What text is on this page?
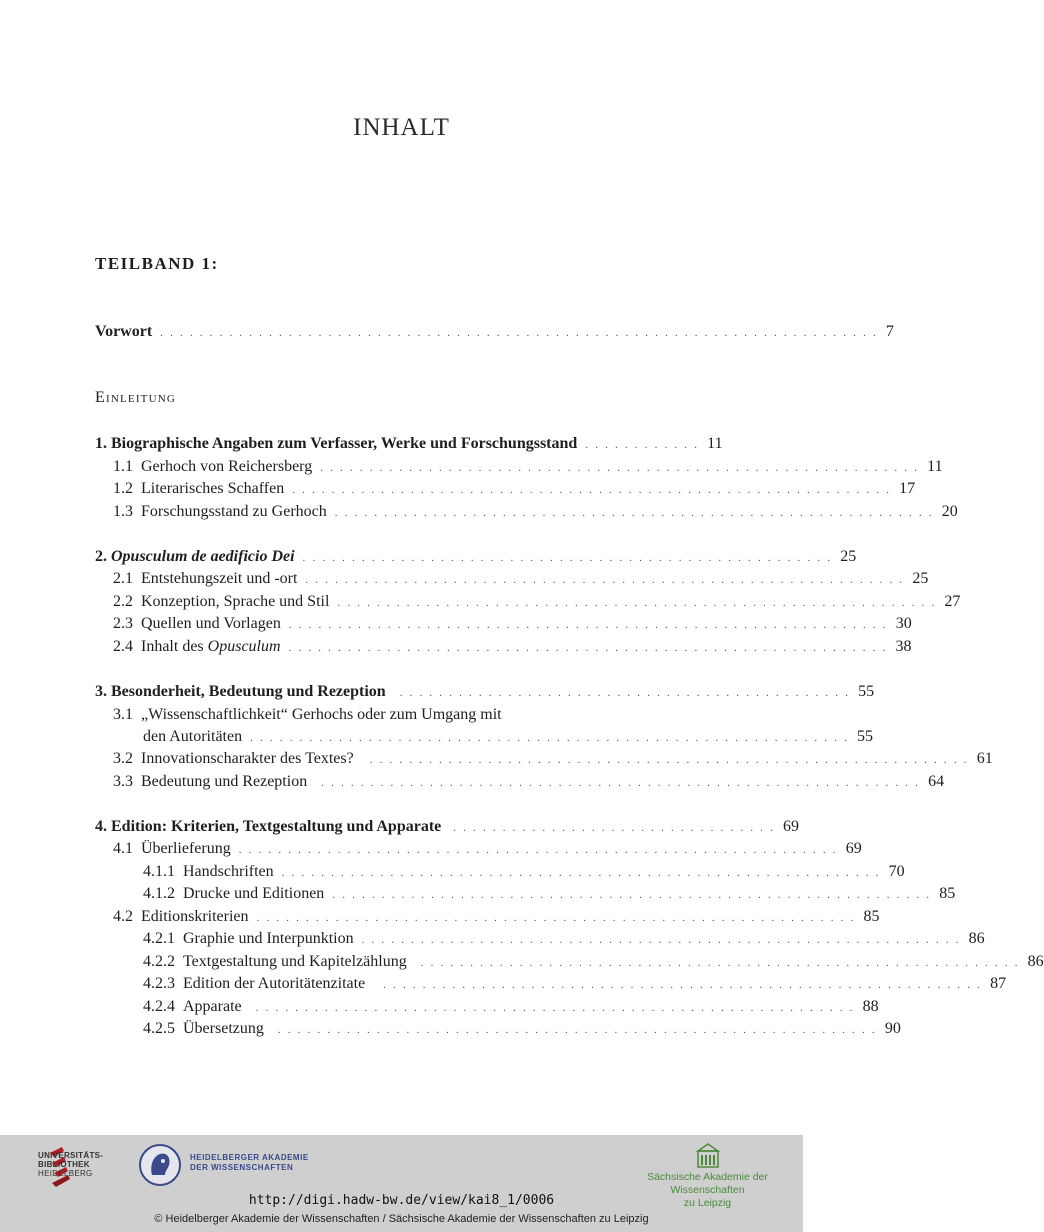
INHALT
TEILBAND 1:
Vorwort . . . . . . . . . . . . . . . . . . . . . . . . . . . . . . . . . . . . . . . . . . . . . . . . . . . . . . . . . . . . . . . . . . . . . . . . . 7
Einleitung
1.
Biographische Angaben zum Verfasser, Werke und Forschungsstand . . . . . . . . . . . . 11
1.1
Gerhoch von Reichersberg . . . . . . . . . . . . . . . . . . . . . . . . . . . . . . . . . . . . . . . . . . . . . . . . . . . . . . . . . . . . . 11
1.2
Literarisches Schaffen . . . . . . . . . . . . . . . . . . . . . . . . . . . . . . . . . . . . . . . . . . . . . . . . . . . . . . . . . . . . . 17
1.3
Forschungsstand zu Gerhoch . . . . . . . . . . . . . . . . . . . . . . . . . . . . . . . . . . . . . . . . . . . . . . . . . . . . . . . . . . . . . 20
2.
Opusculum de aedificio Dei . . . . . . . . . . . . . . . . . . . . . . . . . . . . . . . . . . . . . . . . . . . . . . . . . . . . . . 25
2.1
Entstehungszeit und -ort . . . . . . . . . . . . . . . . . . . . . . . . . . . . . . . . . . . . . . . . . . . . . . . . . . . . . . . . . . . . . 25
2.2
Konzeption, Sprache und Stil . . . . . . . . . . . . . . . . . . . . . . . . . . . . . . . . . . . . . . . . . . . . . . . . . . . . . . . . . . . . . 27
2.3
Quellen und Vorlagen . . . . . . . . . . . . . . . . . . . . . . . . . . . . . . . . . . . . . . . . . . . . . . . . . . . . . . . . . . . . . 30
2.4
Inhalt des Opusculum . . . . . . . . . . . . . . . . . . . . . . . . . . . . . . . . . . . . . . . . . . . . . . . . . . . . . . . . . . . . . 38
3.
Besonderheit, Bedeutung und Rezeption . . . . . . . . . . . . . . . . . . . . . . . . . . . . . . . . . . . . . . . . . . . . . . 55
3.1
„Wissenschaftlichkeit“ Gerhochs oder zum Umgang mit
den Autoritäten . . . . . . . . . . . . . . . . . . . . . . . . . . . . . . . . . . . . . . . . . . . . . . . . . . . . . . . . . . . . . 55
3.2
Innovationscharakter des Textes? . . . . . . . . . . . . . . . . . . . . . . . . . . . . . . . . . . . . . . . . . . . . . . . . . . . . . . . . . . . . . 61
3.3
Bedeutung und Rezeption . . . . . . . . . . . . . . . . . . . . . . . . . . . . . . . . . . . . . . . . . . . . . . . . . . . . . . . . . . . . . 64
4.
Edition: Kriterien, Textgestaltung und Apparate . . . . . . . . . . . . . . . . . . . . . . . . . . . . . . . . . 69
4.1
Überlieferung . . . . . . . . . . . . . . . . . . . . . . . . . . . . . . . . . . . . . . . . . . . . . . . . . . . . . . . . . . . . . 69
4.1.1
Handschriften . . . . . . . . . . . . . . . . . . . . . . . . . . . . . . . . . . . . . . . . . . . . . . . . . . . . . . . . . . . . . 70
4.1.2
Drucke und Editionen . . . . . . . . . . . . . . . . . . . . . . . . . . . . . . . . . . . . . . . . . . . . . . . . . . . . . . . . . . . . . 85
4.2
Editionskriterien . . . . . . . . . . . . . . . . . . . . . . . . . . . . . . . . . . . . . . . . . . . . . . . . . . . . . . . . . . . . . 85
4.2.1
Graphie und Interpunktion . . . . . . . . . . . . . . . . . . . . . . . . . . . . . . . . . . . . . . . . . . . . . . . . . . . . . . . . . . . . . 86
4.2.2
Textgestaltung und Kapitelzählung . . . . . . . . . . . . . . . . . . . . . . . . . . . . . . . . . . . . . . . . . . . . . . . . . . . . . . . . . . . . . 86
4.2.3
Edition der Autoritätenzitate . . . . . . . . . . . . . . . . . . . . . . . . . . . . . . . . . . . . . . . . . . . . . . . . . . . . . . . . . . . . . 87
4.2.4
Apparate . . . . . . . . . . . . . . . . . . . . . . . . . . . . . . . . . . . . . . . . . . . . . . . . . . . . . . . . . . . . . 88
4.2.5
Übersetzung . . . . . . . . . . . . . . . . . . . . . . . . . . . . . . . . . . . . . . . . . . . . . . . . . . . . . . . . . . . . . 90
UNIVERSITÄTS-
BIBLIOTHEK
HEIDELBERG
HEIDELBERGER AKADEMIE
DER WISSENSCHAFTEN
Sächsische Akademie der Wissenschaften
zu Leipzig
http://digi.hadw-bw.de/view/kai8_1/0006
© Heidelberger Akademie der Wissenschaften / Sächsische Akademie der Wissenschaften zu Leipzig
